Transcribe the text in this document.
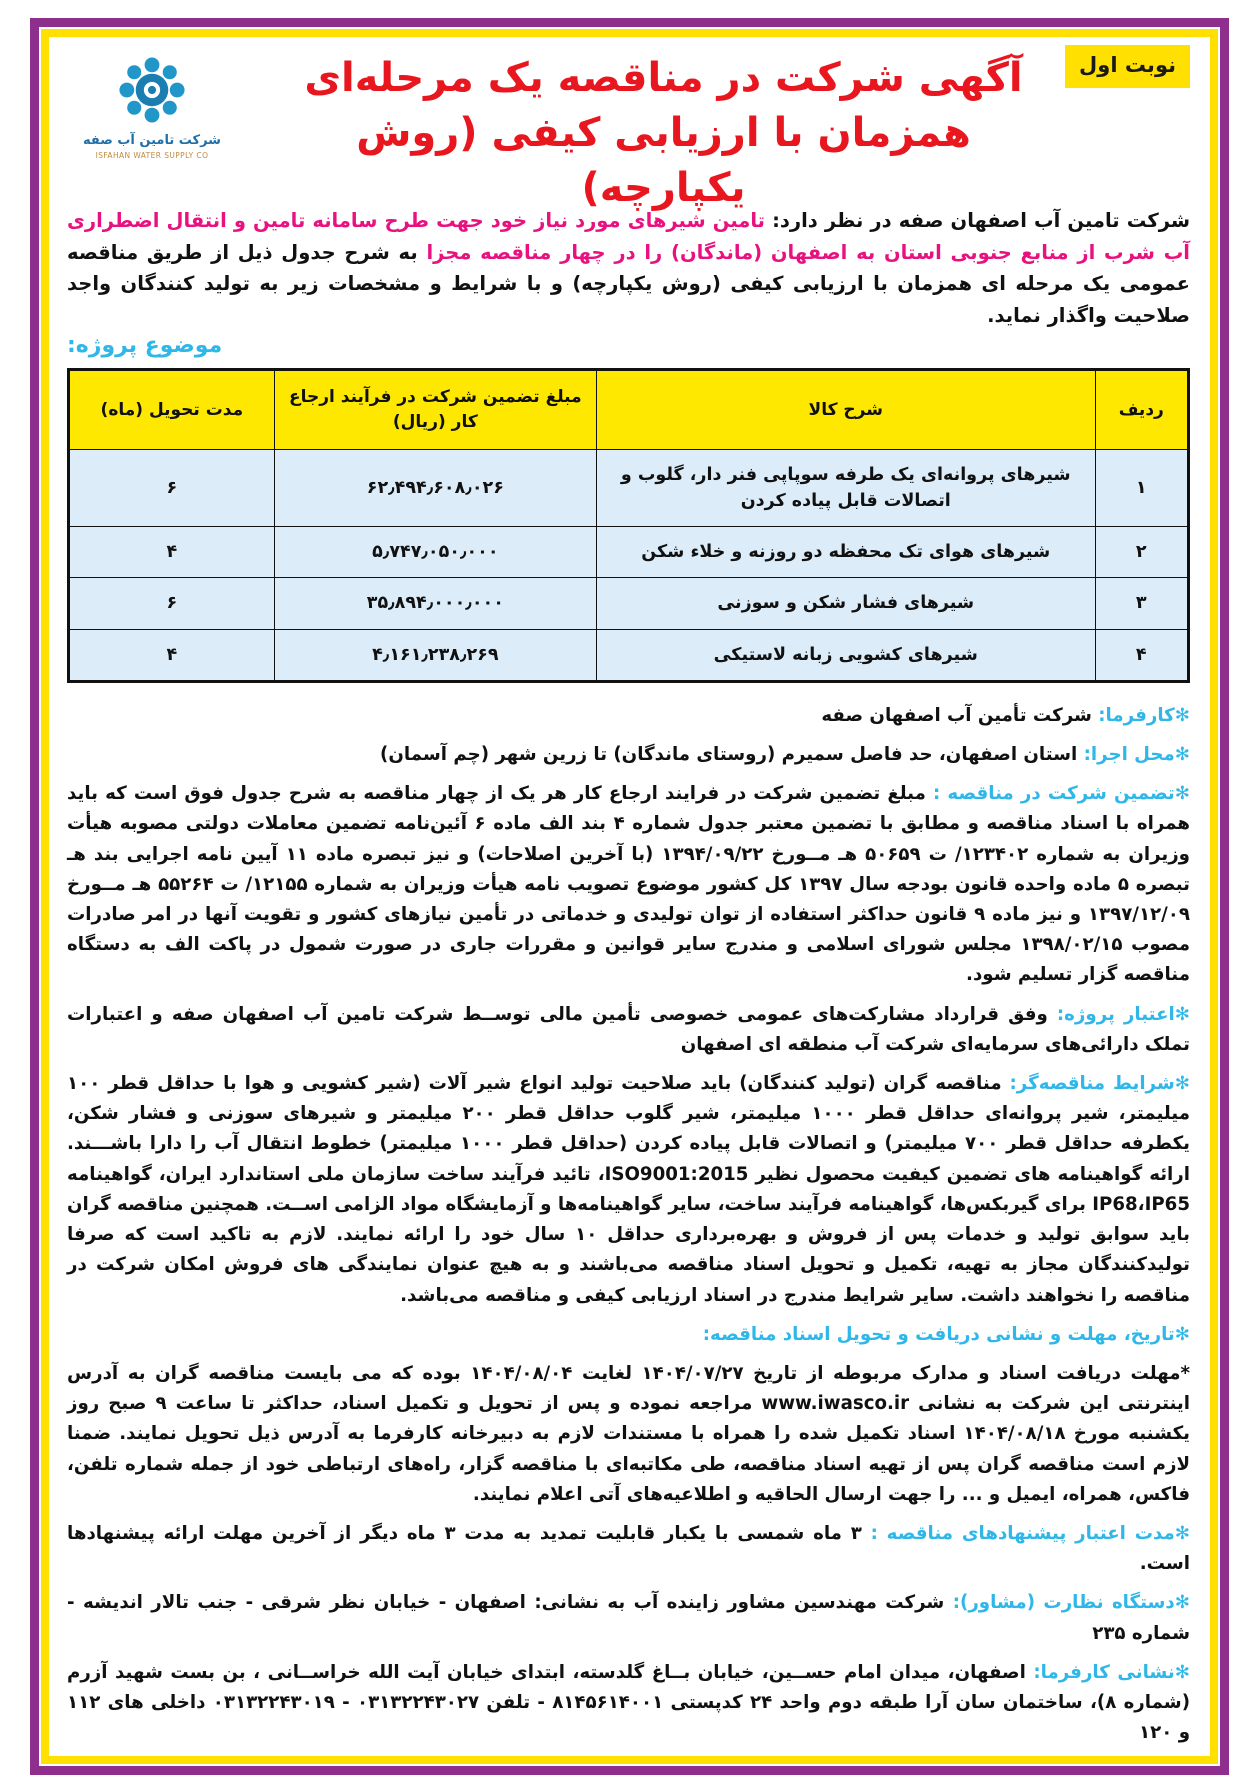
نوبت اول
آگهی شرکت در مناقصه یک مرحله‌ای
همزمان با ارزیابی کیفی (روش یکپارچه)
شرکت تامین آب صفه
ISFAHAN WATER SUPPLY CO
شرکت تامین آب اصفهان صفه در نظر دارد: تامین شیرهای مورد نیاز خود جهت طرح سامانه تامین و انتقال اضطراری آب شرب از منابع جنوبی استان به اصفهان (ماندگان) را در چهار مناقصه مجزا به شرح جدول ذیل از طریق مناقصه عمومی یک مرحله ای همزمان با ارزیابی کیفی (روش یکپارچه) و با شرایط و مشخصات زیر به تولید کنندگان واجد صلاحیت واگذار نماید.
موضوع پروژه:
ردیف	شرح کالا	مبلغ تضمین شرکت در فرآیند ارجاع کار (ریال)	مدت تحویل (ماه)
۱	شیرهای پروانه‌ای یک طرفه سوپاپی فنر دار، گلوب و اتصالات قابل پیاده کردن	۶۲٫۴۹۴٫۶۰۸٫۰۲۶	۶
۲	شیرهای هوای تک محفظه دو روزنه و خلاء شکن	۵٫۷۴۷٫۰۵۰٫۰۰۰	۴
۳	شیرهای فشار شکن و سوزنی	۳۵٫۸۹۴٫۰۰۰٫۰۰۰	۶
۴	شیرهای کشویی زبانه لاستیکی	۴٫۱۶۱٫۲۳۸٫۲۶۹	۴
✻کارفرما: شرکت تأمین آب اصفهان صفه
✻محل اجرا: استان اصفهان، حد فاصل سمیرم (روستای ماندگان) تا زرین شهر (چم آسمان)
✻تضمین شرکت در مناقصه : مبلغ تضمین شرکت در فرایند ارجاع کار هر یک از چهار مناقصه به شرح جدول فوق است که باید همراه با اسناد مناقصه و مطابق با تضمین معتبر جدول شماره ۴ بند الف ماده ۶ آئین‌نامه تضمین معاملات دولتی مصوبه هیأت وزیران به شماره ۱۲۳۴۰۲/ ت ۵۰۶۵۹ هـ مــورخ ۱۳۹۴/۰۹/۲۲ (با آخرین اصلاحات) و نیز تبصره ماده ۱۱ آیین نامه اجرایی بند هـ تبصره ۵ ماده واحده قانون بودجه سال ۱۳۹۷ کل کشور موضوع تصویب نامه هیأت وزیران به شماره ۱۲۱۵۵/ ت ۵۵۲۶۴ هـ مــورخ ۱۳۹۷/۱۲/۰۹ و نیز ماده ۹ قانون حداکثر استفاده از توان تولیدی و خدماتی در تأمین نیازهای کشور و تقویت آنها در امر صادرات مصوب ۱۳۹۸/۰۲/۱۵ مجلس شورای اسلامی و مندرج سایر قوانین و مقررات جاری در صورت شمول در پاکت الف به دستگاه مناقصه گزار تسلیم شود.
✻اعتبار پروژه: وفق قرارداد مشارکت‌های عمومی خصوصی تأمین مالی توســط شرکت تامین آب اصفهان صفه و اعتبارات تملک دارائی‌های سرمایه‌ای شرکت آب منطقه ای اصفهان
✻شرایط مناقصه‌گر: مناقصه گران (تولید کنندگان) باید صلاحیت تولید انواع شیر آلات (شیر کشویی و هوا با حداقل قطر ۱۰۰ میلیمتر، شیر پروانه‌ای حداقل قطر ۱۰۰۰ میلیمتر، شیر گلوب حداقل قطر ۲۰۰ میلیمتر و شیرهای سوزنی و فشار شکن، یکطرفه حداقل قطر ۷۰۰ میلیمتر) و اتصالات قابل پیاده کردن (حداقل قطر ۱۰۰۰ میلیمتر) خطوط انتقال آب را دارا باشـــند. ارائه گواهینامه های تضمین کیفیت محصول نظیر ISO9001:2015، تائید فرآیند ساخت سازمان ملی استاندارد ایران، گواهینامه IP68،IP65 برای گیربکس‌ها، گواهینامه فرآیند ساخت، سایر گواهینامه‌ها و آزمایشگاه مواد الزامی اســت. همچنین مناقصه گران باید سوابق تولید و خدمات پس از فروش و بهره‌برداری حداقل ۱۰ سال خود را ارائه نمایند. لازم به تاکید است که صرفا تولیدکنندگان مجاز به تهیه، تکمیل و تحویل اسناد مناقصه می‌باشند و به هیچ عنوان نمایندگی های فروش امکان شرکت در مناقصه را نخواهند داشت. سایر شرایط مندرج در اسناد ارزیابی کیفی و مناقصه می‌باشد.
✻تاریخ، مهلت و نشانی دریافت و تحویل اسناد مناقصه:
*مهلت دریافت اسناد و مدارک مربوطه از تاریخ ۱۴۰۴/۰۷/۲۷ لغایت ۱۴۰۴/۰۸/۰۴ بوده که می بایست مناقصه گران به آدرس اینترنتی این شرکت به نشانی www.iwasco.ir مراجعه نموده و پس از تحویل و تکمیل اسناد، حداکثر تا ساعت ۹ صبح روز یکشنبه مورخ ۱۴۰۴/۰۸/۱۸ اسناد تکمیل شده را همراه با مستندات لازم به دبیرخانه کارفرما به آدرس ذیل تحویل نمایند. ضمنا لازم است مناقصه گران پس از تهیه اسناد مناقصه، طی مکاتبه‌ای با مناقصه گزار، راه‌های ارتباطی خود از جمله شماره تلفن، فاکس، همراه، ایمیل و ... را جهت ارسال الحاقیه و اطلاعیه‌های آتی اعلام نمایند.
✻مدت اعتبار پیشنهادهای مناقصه : ۳ ماه شمسی با یکبار قابلیت تمدید به مدت ۳ ماه دیگر از آخرین مهلت ارائه پیشنهادها است.
✻دستگاه نظارت (مشاور): شرکت مهندسین مشاور زاینده آب به نشانی: اصفهان - خیابان نظر شرقی - جنب تالار اندیشه - شماره ۲۳۵
✻نشانی کارفرما: اصفهان، میدان امام حســین، خیابان بــاغ گلدسته، ابتدای خیابان آیت الله خراســانی ، بن بست شهید آزرم (شماره ۸)، ساختمان سان آرا طبقه دوم واحد ۲۴ کدپستی ۸۱۴۵۶۱۴۰۰۱ - تلفن ۰۳۱۳۲۲۴۳۰۲۷ - ۰۳۱۳۲۲۴۳۰۱۹ داخلی های ۱۱۲ و ۱۲۰
